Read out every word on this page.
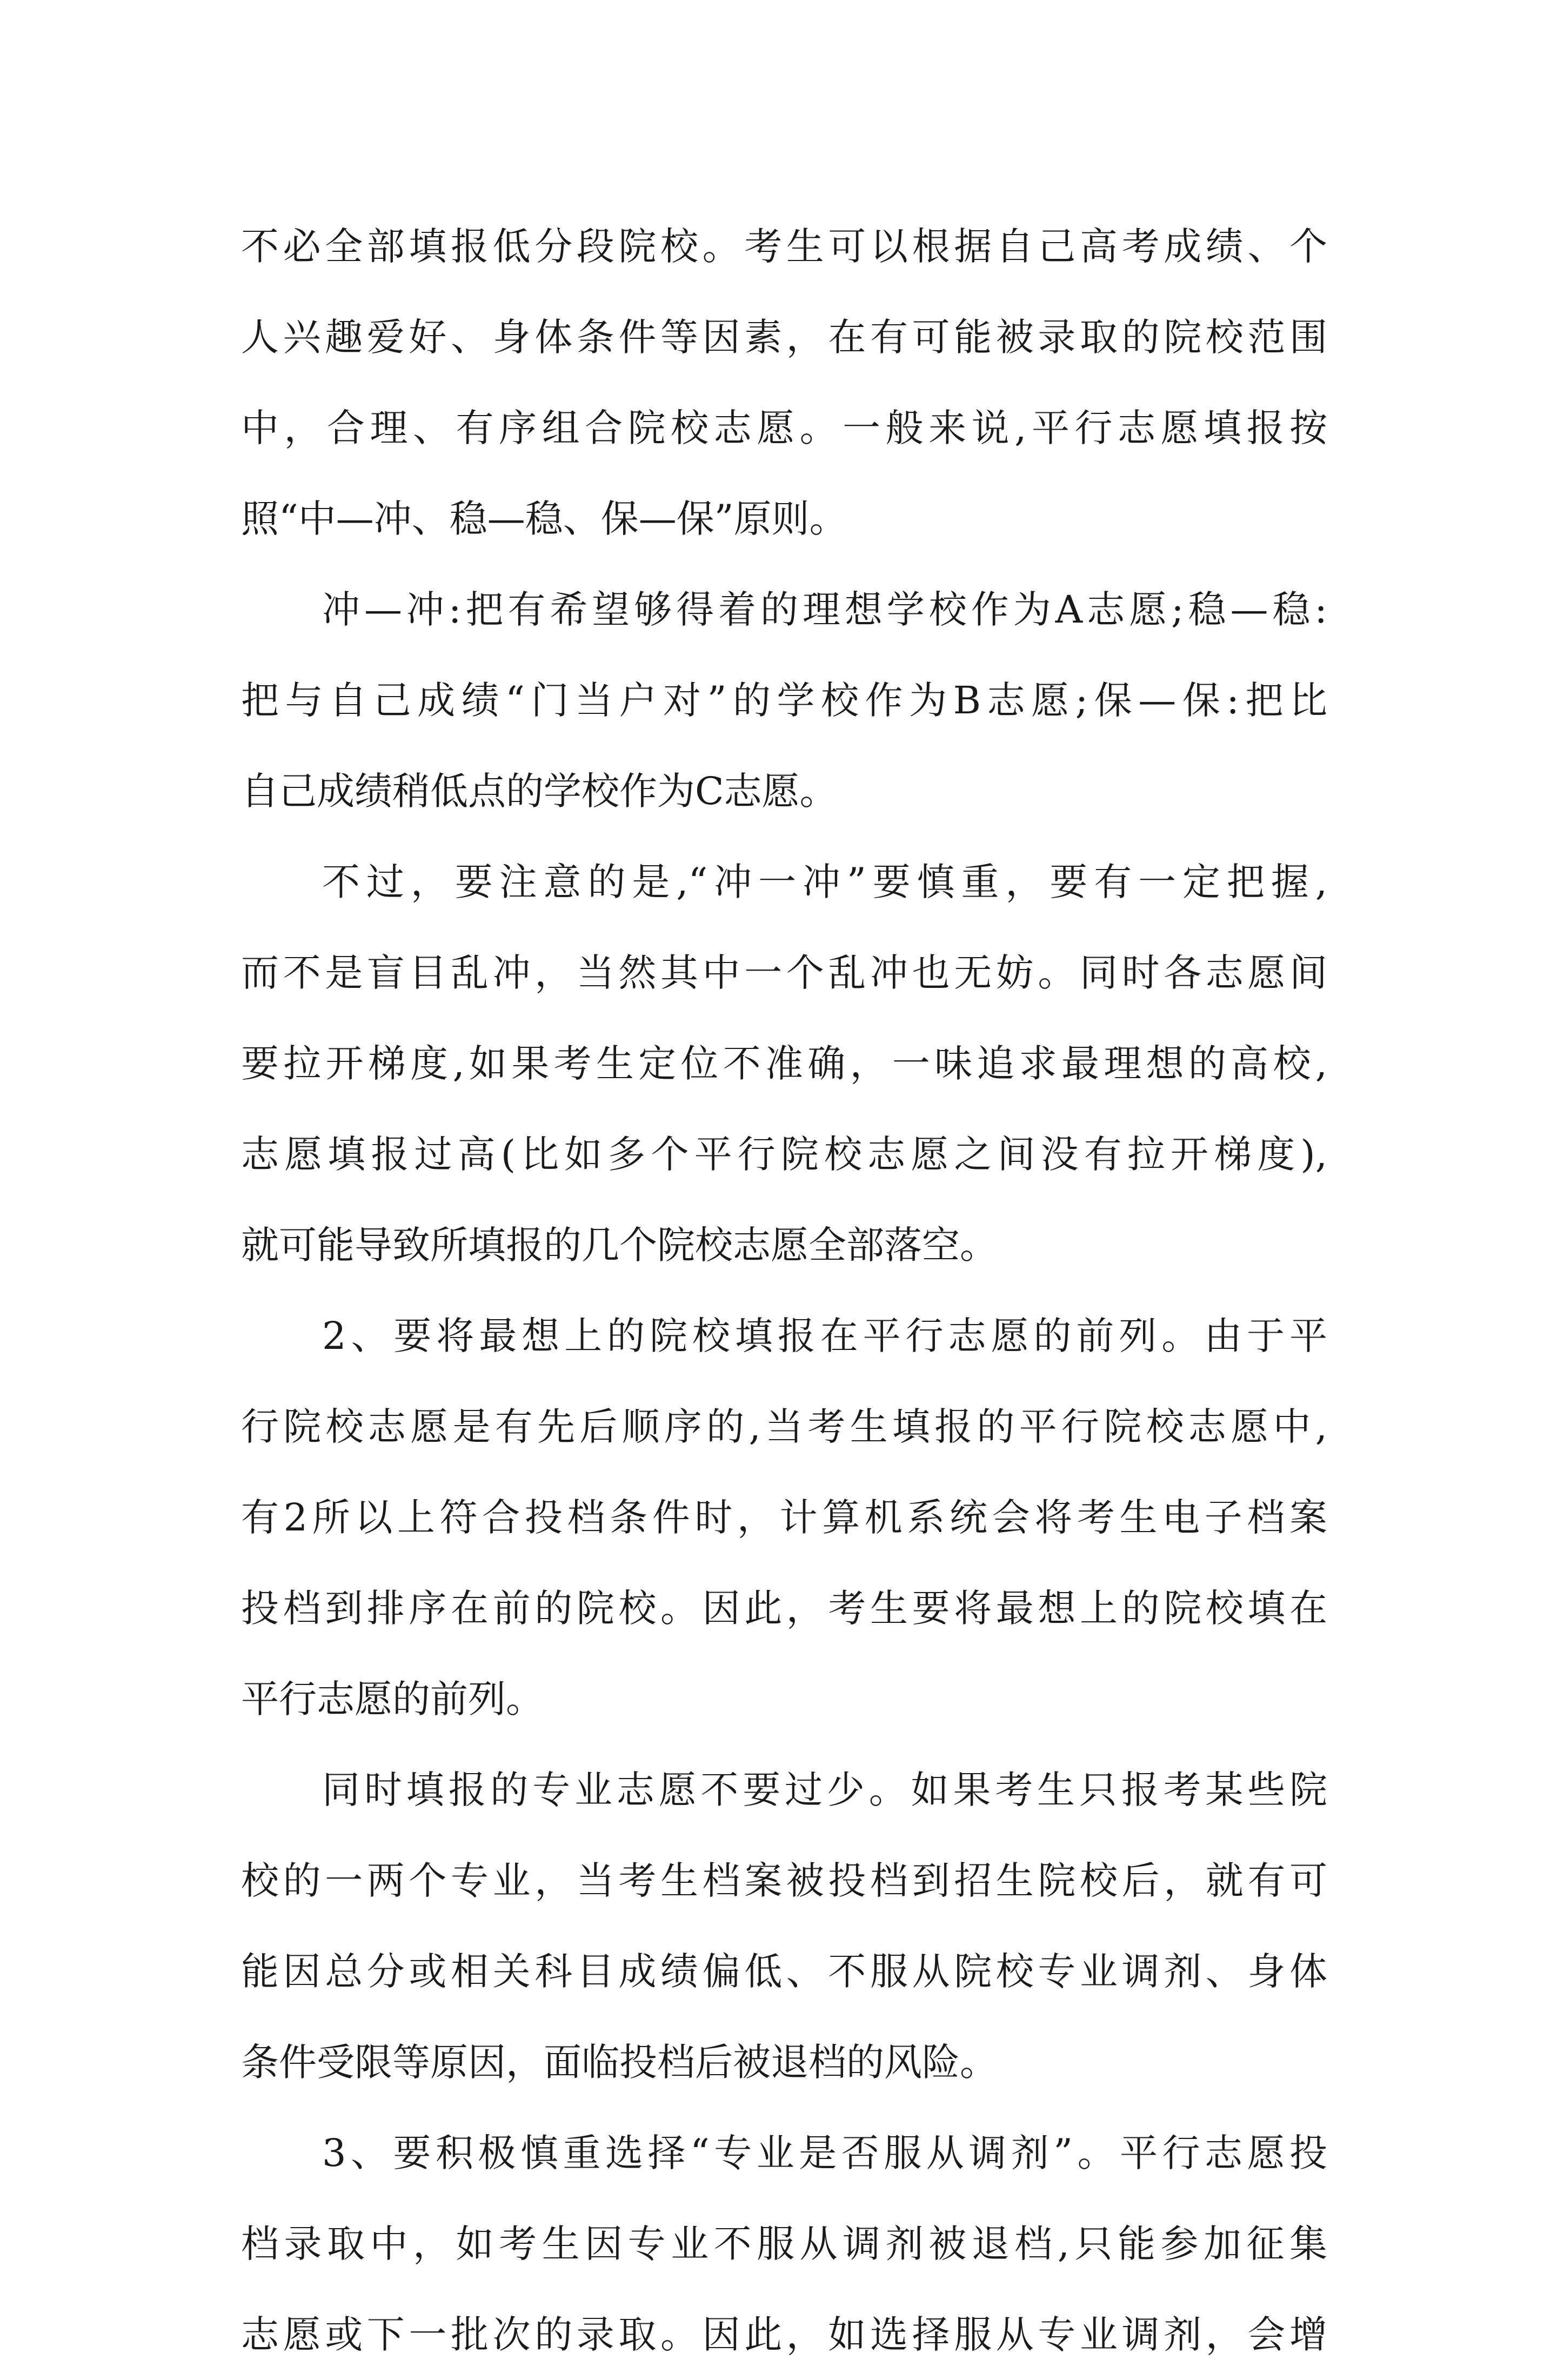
不必全部填报低分段院校。考生可以根据自己高考成绩、个
人兴趣爱好、身体条件等因素，在有可能被录取的院校范围
中，合理、有序组合院校志愿。一般来说,平行志愿填报按
照“中—冲、稳—稳、保—保”原则。
冲—冲:把有希望够得着的理想学校作为A志愿;稳—稳:
把与自己成绩“门当户对”的学校作为B志愿;保—保:把比
自己成绩稍低点的学校作为C志愿。
不过，要注意的是,“冲一冲”要慎重，要有一定把握,
而不是盲目乱冲，当然其中一个乱冲也无妨。同时各志愿间
要拉开梯度,如果考生定位不准确，一味追求最理想的高校,
志愿填报过高(比如多个平行院校志愿之间没有拉开梯度),
就可能导致所填报的几个院校志愿全部落空。
2、要将最想上的院校填报在平行志愿的前列。由于平
行院校志愿是有先后顺序的,当考生填报的平行院校志愿中,
有2所以上符合投档条件时，计算机系统会将考生电子档案
投档到排序在前的院校。因此，考生要将最想上的院校填在
平行志愿的前列。
同时填报的专业志愿不要过少。如果考生只报考某些院
校的一两个专业，当考生档案被投档到招生院校后，就有可
能因总分或相关科目成绩偏低、不服从院校专业调剂、身体
条件受限等原因，面临投档后被退档的风险。
3、要积极慎重选择“专业是否服从调剂”。平行志愿投
档录取中，如考生因专业不服从调剂被退档,只能参加征集
志愿或下一批次的录取。因此，如选择服从专业调剂，会增
